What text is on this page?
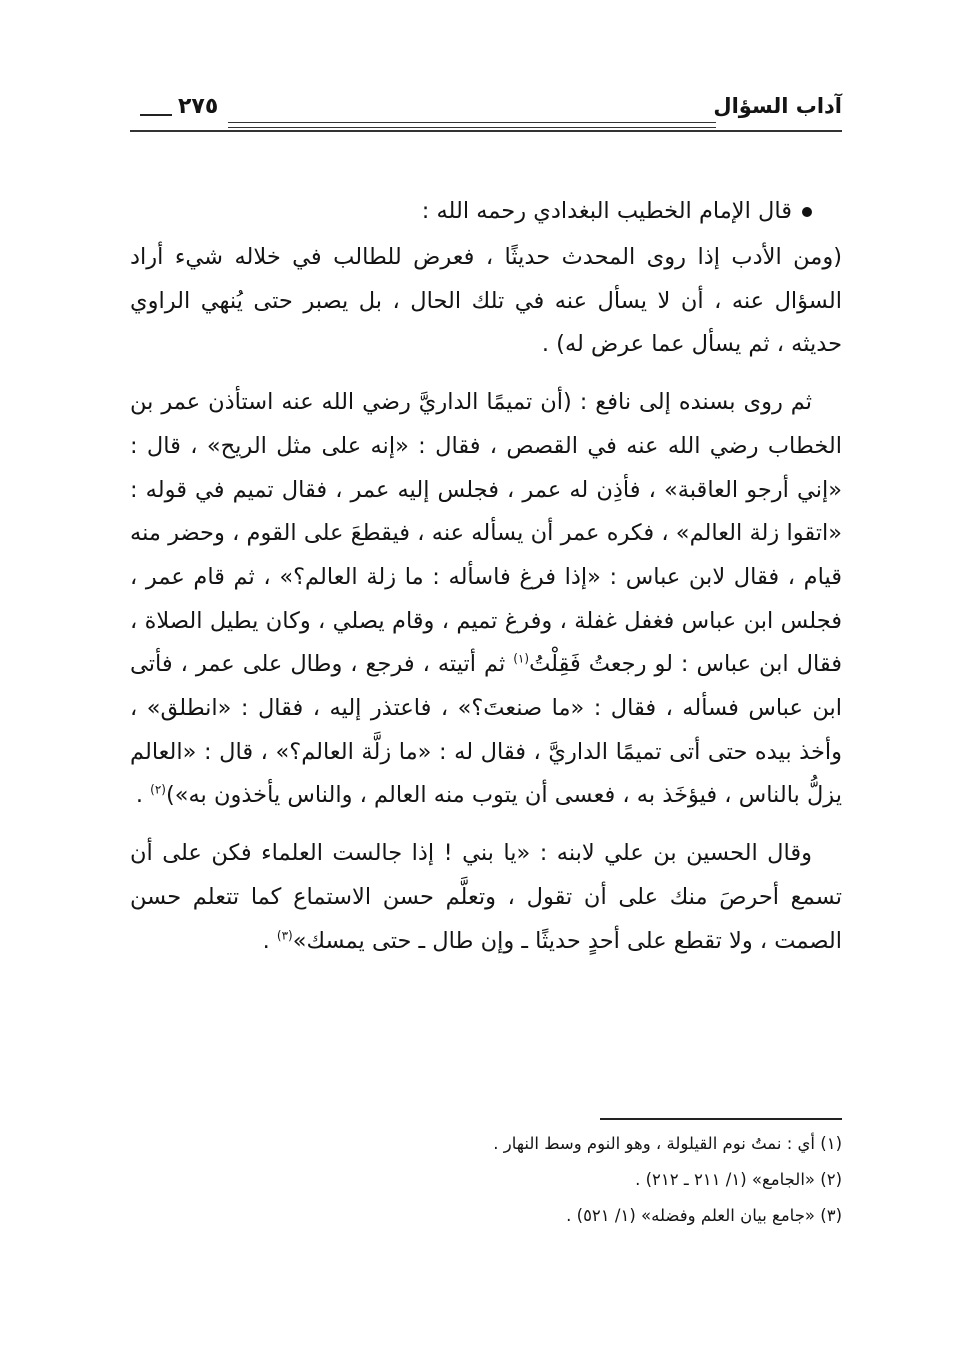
آداب السؤال
٢٧٥

قال الإمام الخطيب البغدادي رحمه الله :

(ومن الأدب إذا روى المحدث حديثًا ، فعرض للطالب في خلاله شيء أراد السؤال عنه ، أن لا يسأل عنه في تلك الحال ، بل يصبر حتى يُنهي الراوي حديثه ، ثم يسأل عما عرض له) .

ثم روى بسنده إلى نافع : (أن تميمًا الداريَّ رضي الله عنه استأذن عمر بن الخطاب رضي الله عنه في القصص ، فقال : «إنه على مثل الريح» ، قال : «إني أرجو العاقبة» ، فأذِن له عمر ، فجلس إليه عمر ، فقال تميم في قوله : «اتقوا زلة العالم» ، فكره عمر أن يسأله عنه ، فيقطعَ على القوم ، وحضر منه قيام ، فقال لابن عباس : «إذا فرغ فاسأله : ما زلة العالم؟» ، ثم قام عمر ، فجلس ابن عباس فغفل غفلة ، وفرغ تميم ، وقام يصلي ، وكان يطيل الصلاة ، فقال ابن عباس : لو رجعتُ فَقِلْتُ$^{(١)}$ ثم أتيته ، فرجع ، وطال على عمر ، فأتى ابن عباس فسأله ، فقال : «ما صنعتَ؟» ، فاعتذر إليه ، فقال : «انطلق» ، وأخذ بيده حتى أتى تميمًا الداريَّ ، فقال له : «ما زلَّة العالم؟» ، قال : «العالم يزلُّ بالناس ، فيؤخَذ به ، فعسى أن يتوب منه العالم ، والناس يأخذون به»)$^{(٢)}$ .

وقال الحسين بن علي لابنه : «يا بني ! إذا جالست العلماء فكن على أن تسمع أحرصَ منك على أن تقول ، وتعلَّم حسن الاستماع كما تتعلم حسن الصمت ، ولا تقطع على أحدٍ حديثًا ـ وإن طال ـ حتى يمسك»$^{(٣)}$ .

(١) أي : نمتُ نوم القيلولة ، وهو النوم وسط النهار .
(٢) «الجامع» (١/ ٢١١ ـ ٢١٢) .
(٣) «جامع بيان العلم وفضله» (١/ ٥٢١) .
